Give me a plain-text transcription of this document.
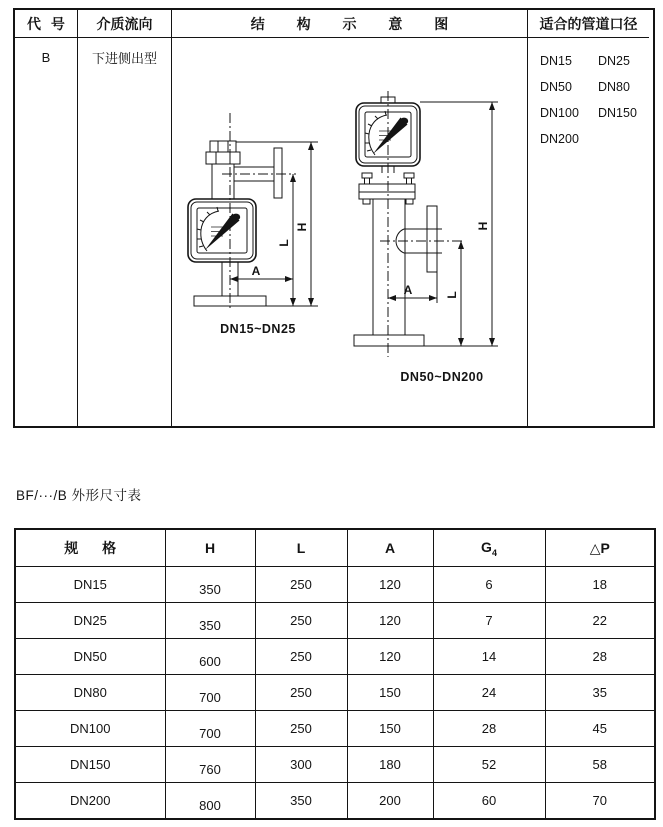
代 号	介质流向	结 构 示 意 图	适合的管道口径
B	下进侧出型
H
L
A
DN15~DN25
H
L
A
DN50~DN200
DN15	DN25
DN50	DN80
DN100	DN150
DN200
BF/···/B 外形尺寸表
规 格	H	L	A	$G_4$	△P
DN15	350	250	120	6	18
DN25	350	250	120	7	22
DN50	600	250	120	14	28
DN80	700	250	150	24	35
DN100	700	250	150	28	45
DN150	760	300	180	52	58
DN200	800	350	200	60	70
